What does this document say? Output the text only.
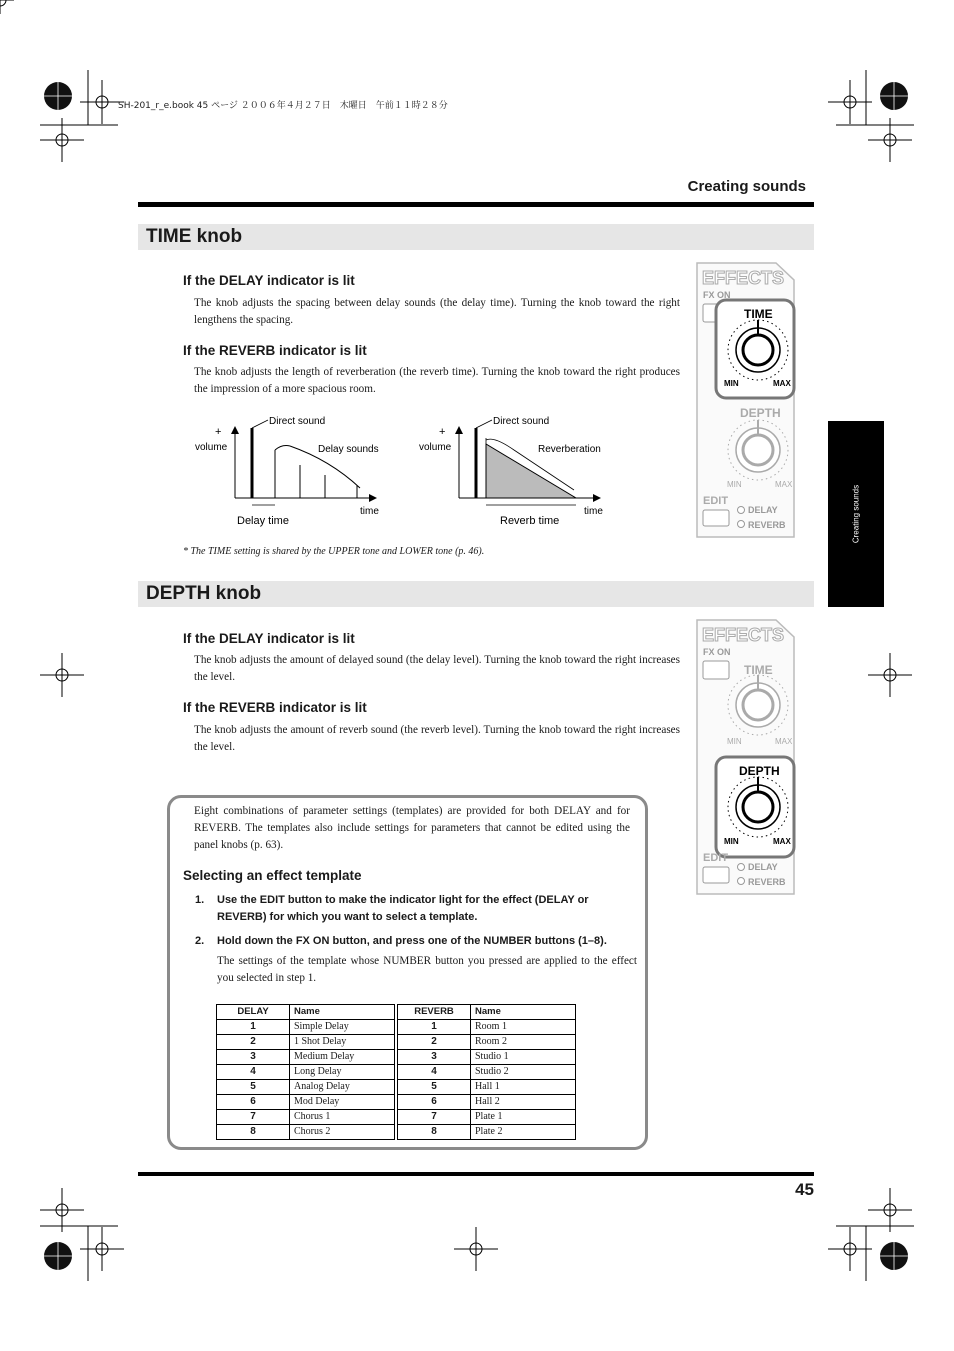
SH-201_r_e.book 45 ページ ２００６年４月２７日　木曜日　午前１１時２８分
Creating sounds
TIME knob
If the DELAY indicator is lit
The knob adjusts the spacing between delay sounds (the delay time). Turning the knob toward the right lengthens the spacing.
If the REVERB indicator is lit
The knob adjusts the length of reverberation (the reverb time). Turning the knob toward the right produces the impression of a more spacious room.
+
volume
Direct sound
Delay sounds
time
Delay time
+
volume
Direct sound
Reverberation
time
Reverb time
* The TIME setting is shared by the UPPER tone and LOWER tone (p. 46).
EFFECTS
FX ON
TIME
MIN	MAX
DEPTH
MIN	MAX
EDIT
DELAY
REVERB
DEPTH knob
If the DELAY indicator is lit
The knob adjusts the amount of delayed sound (the delay level). Turning the knob toward the right increases the level.
If the REVERB indicator is lit
The knob adjusts the amount of reverb sound (the reverb level). Turning the knob toward the right increases the level.
EFFECTS
FX ON
TIME
MIN	MAX
DEPTH
MIN	MAX
EDIT
DELAY
REVERB
Creating sounds
Eight combinations of parameter settings (templates) are provided for both DELAY and for REVERB. The templates also include settings for parameters that cannot be edited using the panel knobs (p. 63).
Selecting an effect template
1. Use the EDIT button to make the indicator light for the effect (DELAY or REVERB) for which you want to select a template.
2. Hold down the FX ON button, and press one of the NUMBER buttons (1–8).
The settings of the template whose NUMBER button you pressed are applied to the effect you selected in step 1.
DELAY	Name		REVERB	Name
1	Simple Delay		1	Room 1
2	1 Shot Delay		2	Room 2
3	Medium Delay		3	Studio 1
4	Long Delay		4	Studio 2
5	Analog Delay		5	Hall 1
6	Mod Delay		6	Hall 2
7	Chorus 1		7	Plate 1
8	Chorus 2		8	Plate 2
45
